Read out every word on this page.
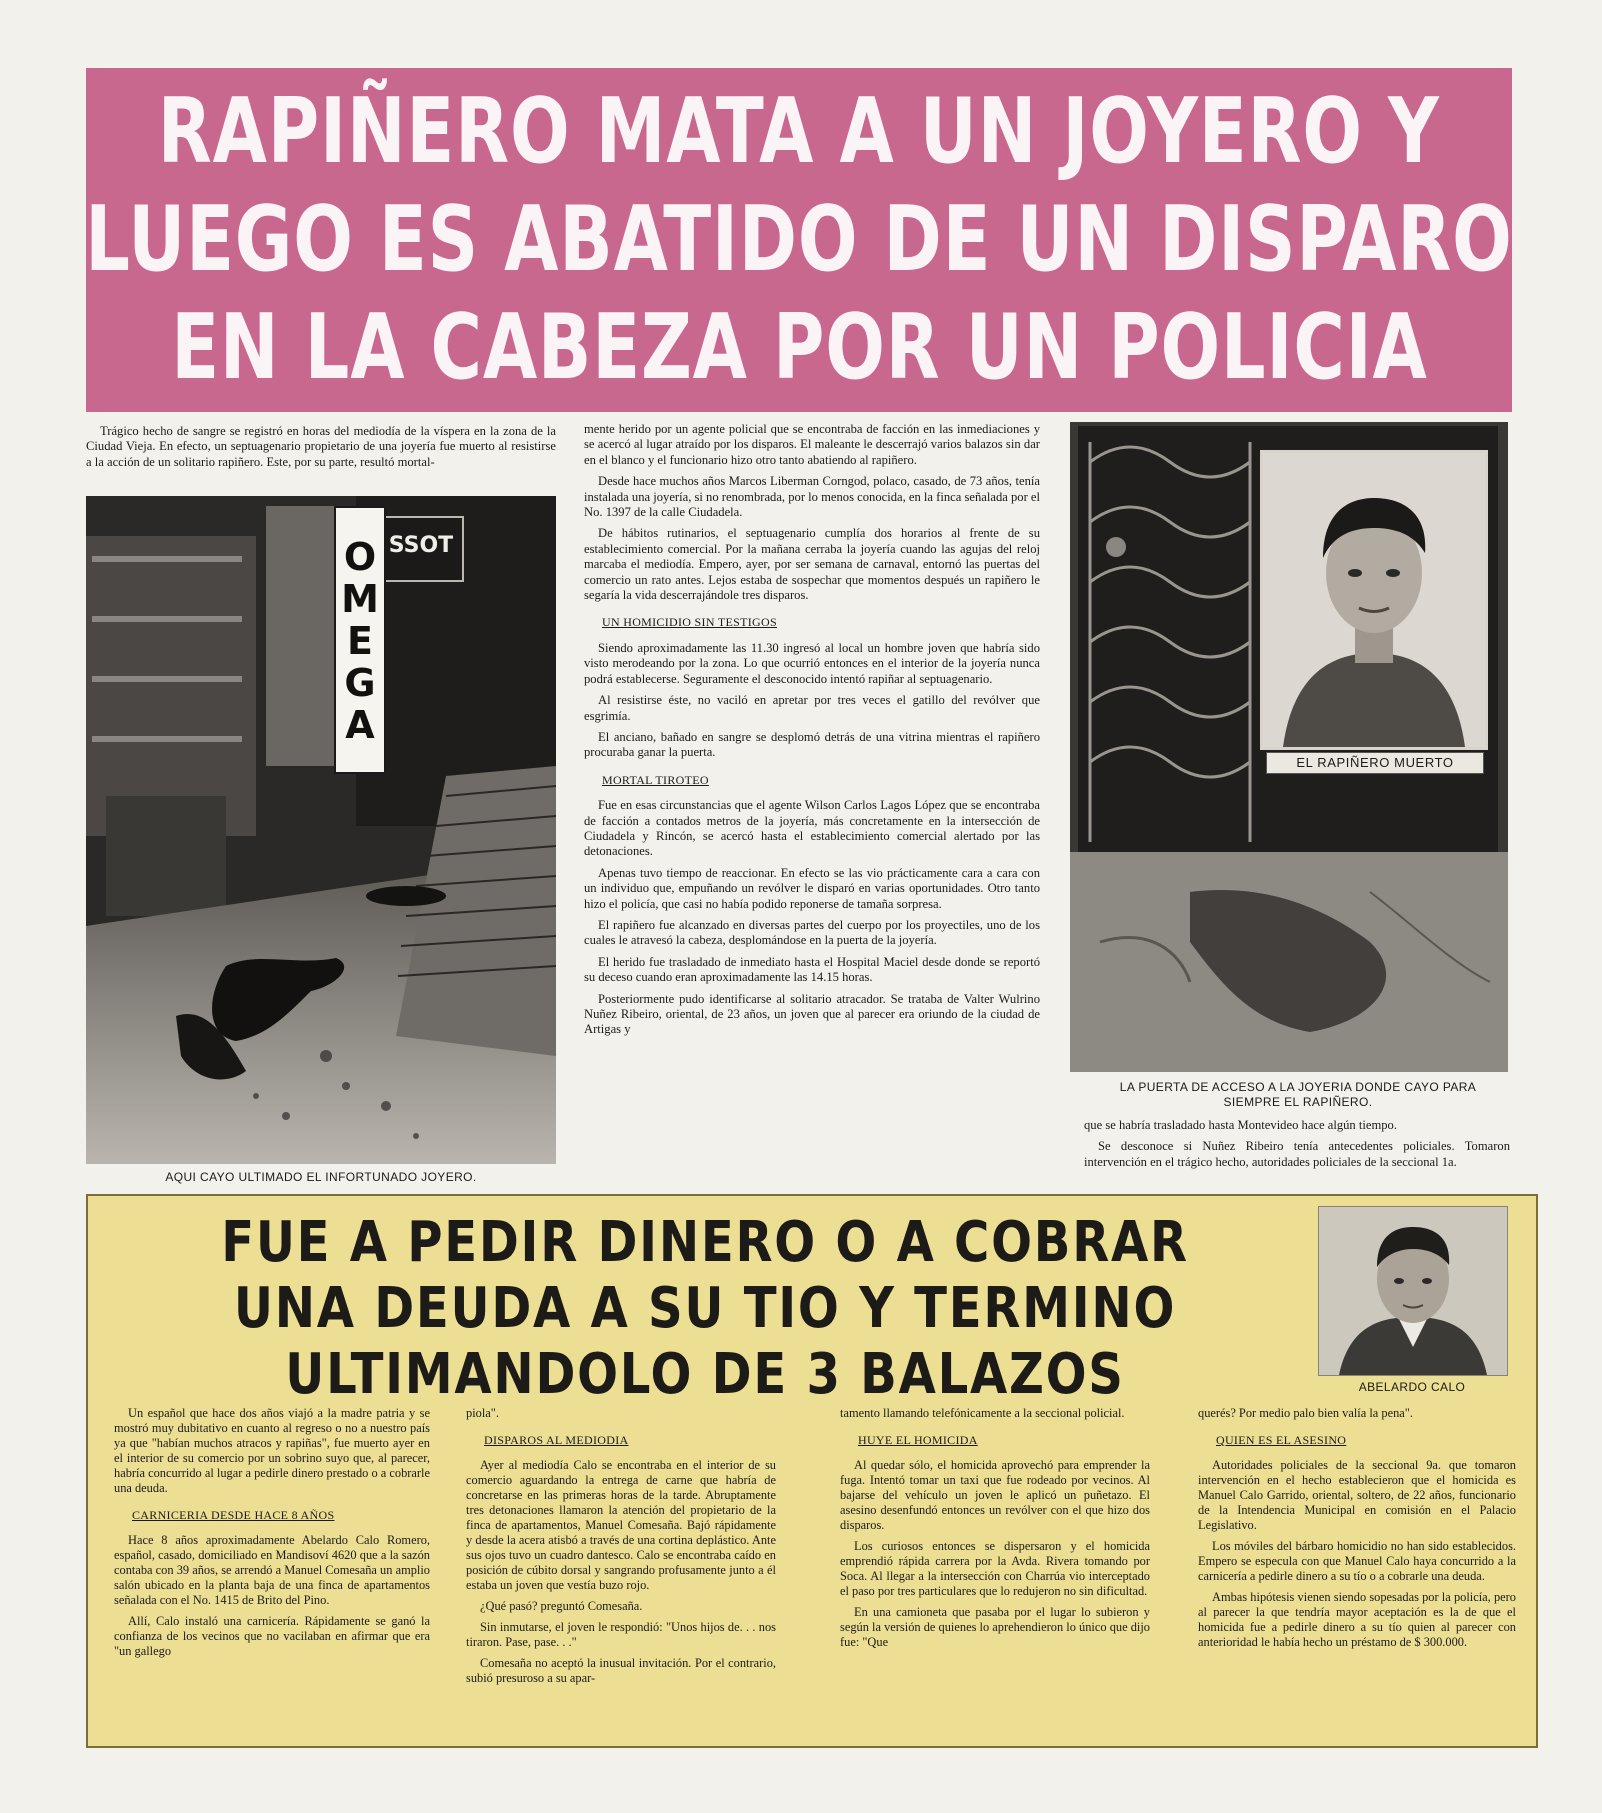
RAPIÑERO MATA A UN JOYERO Y
LUEGO ES ABATIDO DE UN DISPARO
EN LA CABEZA POR UN POLICIA

Trágico hecho de sangre se registró en horas del mediodía de la víspera en la zona de la Ciudad Vieja. En efecto, un septuagenario propietario de una joyería fue muerto al resistirse a la acción de un solitario rapiñero. Este, por su parte, resultó mortal-

SSOT
OMEGA
AQUI CAYO ULTIMADO EL INFORTUNADO JOYERO.

mente herido por un agente policial que se encontraba de facción en las inmediaciones y se acercó al lugar atraído por los disparos. El maleante le descerrajó varios balazos sin dar en el blanco y el funcionario hizo otro tanto abatiendo al rapiñero.

Desde hace muchos años Marcos Liberman Corngod, polaco, casado, de 73 años, tenía instalada una joyería, si no renombrada, por lo menos conocida, en la finca señalada por el No. 1397 de la calle Ciudadela.

De hábitos rutinarios, el septuagenario cumplía dos horarios al frente de su establecimiento comercial. Por la mañana cerraba la joyería cuando las agujas del reloj marcaba el mediodía. Empero, ayer, por ser semana de carnaval, entornó las puertas del comercio un rato antes. Lejos estaba de sospechar que momentos después un rapiñero le segaría la vida descerrajándole tres disparos.

UN HOMICIDIO SIN TESTIGOS

Siendo aproximadamente las 11.30 ingresó al local un hombre joven que habría sido visto merodeando por la zona. Lo que ocurrió entonces en el interior de la joyería nunca podrá establecerse. Seguramente el desconocido intentó rapiñar al septuagenario.

Al resistirse éste, no vaciló en apretar por tres veces el gatillo del revólver que esgrimía.

El anciano, bañado en sangre se desplomó detrás de una vitrina mientras el rapiñero procuraba ganar la puerta.

MORTAL TIROTEO

Fue en esas circunstancias que el agente Wilson Carlos Lagos López que se encontraba de facción a contados metros de la joyería, más concretamente en la intersección de Ciudadela y Rincón, se acercó hasta el establecimiento comercial alertado por las detonaciones.

Apenas tuvo tiempo de reaccionar. En efecto se las vio prácticamente cara a cara con un individuo que, empuñando un revólver le disparó en varias oportunidades. Otro tanto hizo el policía, que casi no había podido reponerse de tamaña sorpresa.

El rapiñero fue alcanzado en diversas partes del cuerpo por los proyectiles, uno de los cuales le atravesó la cabeza, desplomándose en la puerta de la joyería.

El herido fue trasladado de inmediato hasta el Hospital Maciel desde donde se reportó su deceso cuando eran aproximadamente las 14.15 horas.

Posteriormente pudo identificarse al solitario atracador. Se trataba de Valter Wulrino Nuñez Ribeiro, oriental, de 23 años, un joven que al parecer era oriundo de la ciudad de Artigas y

EL RAPIÑERO MUERTO
LA PUERTA DE ACCESO A LA JOYERIA DONDE CAYO PARA SIEMPRE EL RAPIÑERO.

que se habría trasladado hasta Montevideo hace algún tiempo.

Se desconoce si Nuñez Ribeiro tenía antecedentes policiales. Tomaron intervención en el trágico hecho, autoridades policiales de la seccional 1a.

FUE A PEDIR DINERO O A COBRAR
UNA DEUDA A SU TIO Y TERMINO
ULTIMANDOLO DE 3 BALAZOS	ABELARDO CALO

Un español que hace dos años viajó a la madre patria y se mostró muy dubitativo en cuanto al regreso o no a nuestro país ya que "habían muchos atracos y rapiñas", fue muerto ayer en el interior de su comercio por un sobrino suyo que, al parecer, habría concurrido al lugar a pedirle dinero prestado o a cobrarle una deuda.

CARNICERIA DESDE HACE 8 AÑOS

Hace 8 años aproximadamente Abelardo Calo Romero, español, casado, domiciliado en Mandisoví 4620 que a la sazón contaba con 39 años, se arrendó a Manuel Comesaña un amplio salón ubicado en la planta baja de una finca de apartamentos señalada con el No. 1415 de Brito del Pino.

Allí, Calo instaló una carnicería. Rápidamente se ganó la confianza de los vecinos que no vacilaban en afirmar que era "un gallego

piola".

DISPAROS AL MEDIODIA

Ayer al mediodía Calo se encontraba en el interior de su comercio aguardando la entrega de carne que habría de concretarse en las primeras horas de la tarde. Abruptamente tres detonaciones llamaron la atención del propietario de la finca de apartamentos, Manuel Comesaña. Bajó rápidamente y desde la acera atisbó a través de una cortina deplástico. Ante sus ojos tuvo un cuadro dantesco. Calo se encontraba caído en posición de cúbito dorsal y sangrando profusamente junto a él estaba un joven que vestía buzo rojo.

¿Qué pasó? preguntó Comesaña.

Sin inmutarse, el joven le respondió: "Unos hijos de. . . nos tiraron. Pase, pase. . ."

Comesaña no aceptó la inusual invitación. Por el contrario, subió presuroso a su apar-

tamento llamando telefónicamente a la seccional policial.

HUYE EL HOMICIDA

Al quedar sólo, el homicida aprovechó para emprender la fuga. Intentó tomar un taxi que fue rodeado por vecinos. Al bajarse del vehículo un joven le aplicó un puñetazo. El asesino desenfundó entonces un revólver con el que hizo dos disparos.

Los curiosos entonces se dispersaron y el homicida emprendió rápida carrera por la Avda. Rivera tomando por Soca. Al llegar a la intersección con Charrúa vio interceptado el paso por tres particulares que lo redujeron no sin dificultad.

En una camioneta que pasaba por el lugar lo subieron y según la versión de quienes lo aprehendieron lo único que dijo fue: "Que

querés? Por medio palo bien valía la pena".

QUIEN ES EL ASESINO

Autoridades policiales de la seccional 9a. que tomaron intervención en el hecho establecieron que el homicida es Manuel Calo Garrido, oriental, soltero, de 22 años, funcionario de la Intendencia Municipal en comisión en el Palacio Legislativo.

Los móviles del bárbaro homicidio no han sido establecidos. Empero se especula con que Manuel Calo haya concurrido a la carnicería a pedirle dinero a su tío o a cobrarle una deuda.

Ambas hipótesis vienen siendo sopesadas por la policía, pero al parecer la que tendría mayor aceptación es la de que el homicida fue a pedirle dinero a su tío quien al parecer con anterioridad le había hecho un préstamo de $ 300.000.
